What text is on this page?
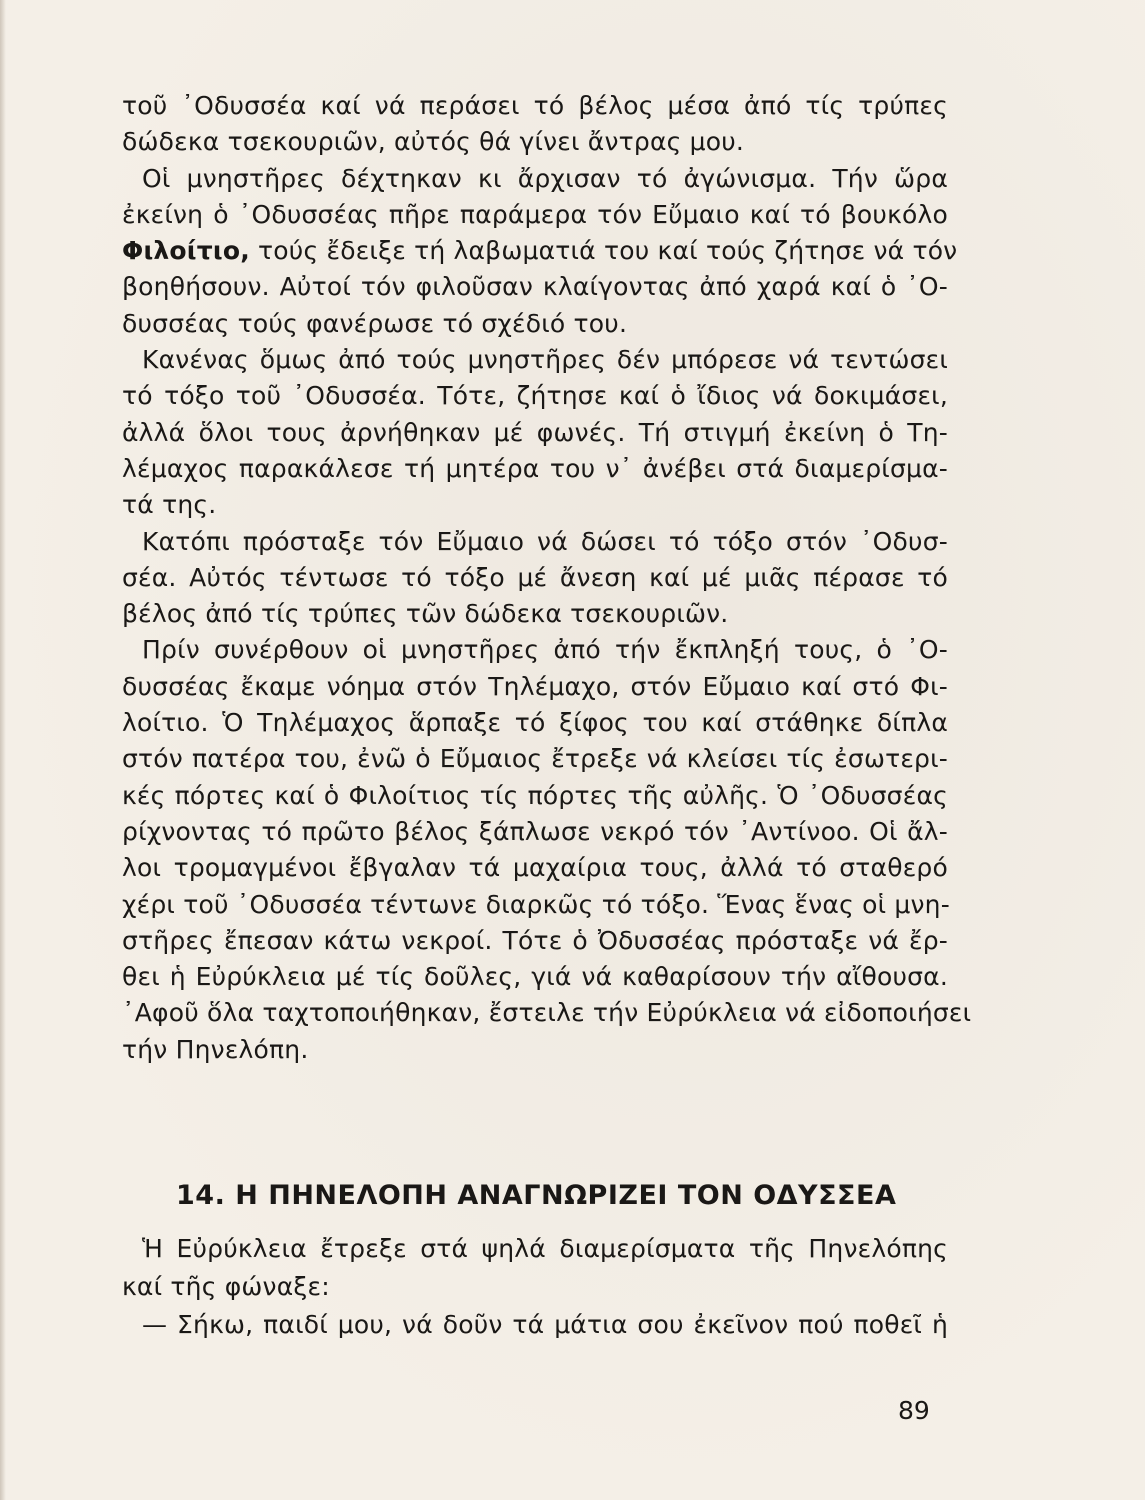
τοῦ ᾿Οδυσσέα καί νά περάσει τό βέλος μέσα ἀπό τίς τρύπες
δώδεκα τσεκουριῶν, αὐτός θά γίνει ἄντρας μου.
Οἱ μνηστῆρες δέχτηκαν κι ἄρχισαν τό ἀγώνισμα. Τήν ὥρα
ἐκείνη ὁ ᾿Οδυσσέας πῆρε παράμερα τόν Εὔμαιο καί τό βουκόλο
Φιλοίτιο, τούς ἔδειξε τή λαβωματιά του καί τούς ζήτησε νά τόν
βοηθήσουν. Αὐτοί τόν φιλοῦσαν κλαίγοντας ἀπό χαρά καί ὁ ᾿Ο-
δυσσέας τούς φανέρωσε τό σχέδιό του.
Κανένας ὅμως ἀπό τούς μνηστῆρες δέν μπόρεσε νά τεντώσει
τό τόξο τοῦ ᾿Οδυσσέα. Τότε, ζήτησε καί ὁ ἴδιος νά δοκιμάσει,
ἀλλά ὅλοι τους ἀρνήθηκαν μέ φωνές. Τή στιγμή ἐκείνη ὁ Τη-
λέμαχος παρακάλεσε τή μητέρα του ν᾿ ἀνέβει στά διαμερίσμα-
τά της.
Κατόπι πρόσταξε τόν Εὔμαιο νά δώσει τό τόξο στόν ᾿Οδυσ-
σέα. Αὐτός τέντωσε τό τόξο μέ ἄνεση καί μέ μιᾶς πέρασε τό
βέλος ἀπό τίς τρύπες τῶν δώδεκα τσεκουριῶν.
Πρίν συνέρθουν οἱ μνηστῆρες ἀπό τήν ἔκπληξή τους, ὁ ᾿Ο-
δυσσέας ἔκαμε νόημα στόν Τηλέμαχο, στόν Εὔμαιο καί στό Φι-
λοίτιο. Ὁ Τηλέμαχος ἅρπαξε τό ξίφος του καί στάθηκε δίπλα
στόν πατέρα του, ἐνῶ ὁ Εὔμαιος ἔτρεξε νά κλείσει τίς ἐσωτερι-
κές πόρτες καί ὁ Φιλοίτιος τίς πόρτες τῆς αὐλῆς. Ὁ ᾿Οδυσσέας
ρίχνοντας τό πρῶτο βέλος ξάπλωσε νεκρό τόν ᾿Αντίνοο. Οἱ ἄλ-
λοι τρομαγμένοι ἔβγαλαν τά μαχαίρια τους, ἀλλά τό σταθερό
χέρι τοῦ ᾿Οδυσσέα τέντωνε διαρκῶς τό τόξο. Ἕνας ἕνας οἱ μνη-
στῆρες ἔπεσαν κάτω νεκροί. Τότε ὁ Ὀδυσσέας πρόσταξε νά ἔρ-
θει ἡ Εὐρύκλεια μέ τίς δοῦλες, γιά νά καθαρίσουν τήν αἴθουσα.
᾿Αφοῦ ὅλα ταχτοποιήθηκαν, ἔστειλε τήν Εὐρύκλεια νά εἰδοποιήσει
τήν Πηνελόπη.
14. Η ΠΗΝΕΛΟΠΗ ΑΝΑΓΝΩΡΙΖΕΙ ΤΟΝ ΟΔΥΣΣΕΑ
Ἡ Εὐρύκλεια ἔτρεξε στά ψηλά διαμερίσματα τῆς Πηνελόπης
καί τῆς φώναξε:
— Σήκω, παιδί μου, νά δοῦν τά μάτια σου ἐκεῖνον πού ποθεῖ ἡ
89
